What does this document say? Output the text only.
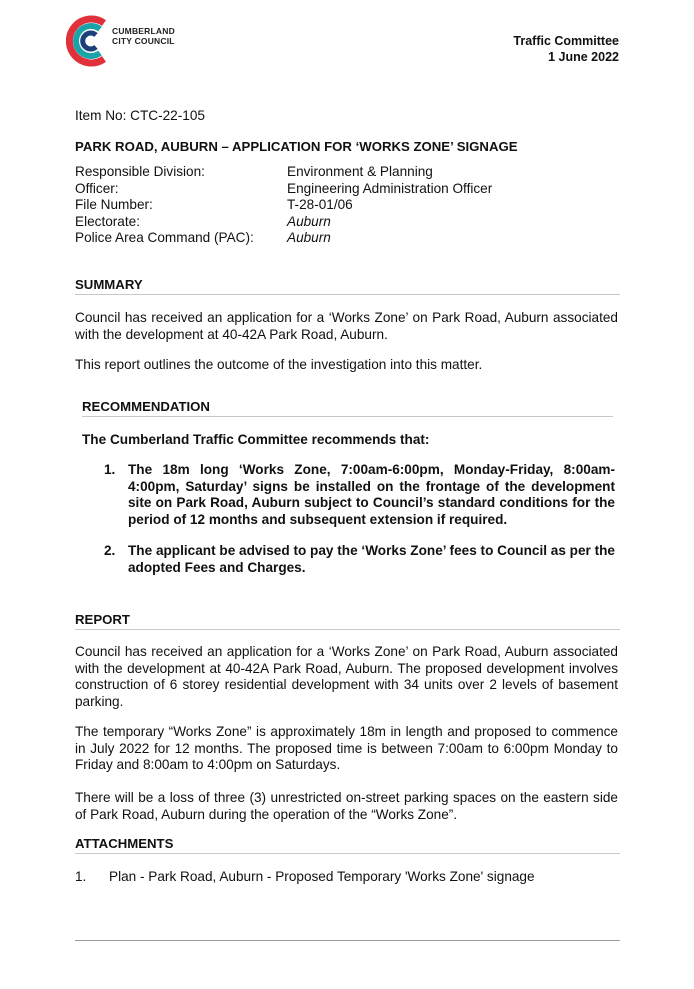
CUMBERLAND
CITY COUNCIL	Traffic Committee
1 June 2022
Item No: CTC-22-105
PARK ROAD, AUBURN – APPLICATION FOR ‘WORKS ZONE’ SIGNAGE
Responsible Division:	Environment & Planning
Officer:	Engineering Administration Officer
File Number:	T-28-01/06
Electorate:	Auburn
Police Area Command (PAC):	Auburn
SUMMARY
Council has received an application for a ‘Works Zone’ on Park Road, Auburn associated with the development at 40-42A Park Road, Auburn.
This report outlines the outcome of the investigation into this matter.
RECOMMENDATION
The Cumberland Traffic Committee recommends that:
1. The 18m long ‘Works Zone, 7:00am-6:00pm, Monday-Friday, 8:00am-4:00pm, Saturday’ signs be installed on the frontage of the development site on Park Road, Auburn subject to Council’s standard conditions for the period of 12 months and subsequent extension if required.
2. The applicant be advised to pay the ‘Works Zone’ fees to Council as per the adopted Fees and Charges.
REPORT
Council has received an application for a ‘Works Zone’ on Park Road, Auburn associated with the development at 40-42A Park Road, Auburn. The proposed development involves construction of 6 storey residential development with 34 units over 2 levels of basement parking.
The temporary “Works Zone” is approximately 18m in length and proposed to commence in July 2022 for 12 months. The proposed time is between 7:00am to 6:00pm Monday to Friday and 8:00am to 4:00pm on Saturdays.
There will be a loss of three (3) unrestricted on-street parking spaces on the eastern side of Park Road, Auburn during the operation of the “Works Zone”.
ATTACHMENTS
1.	Plan - Park Road, Auburn - Proposed Temporary 'Works Zone' signage
